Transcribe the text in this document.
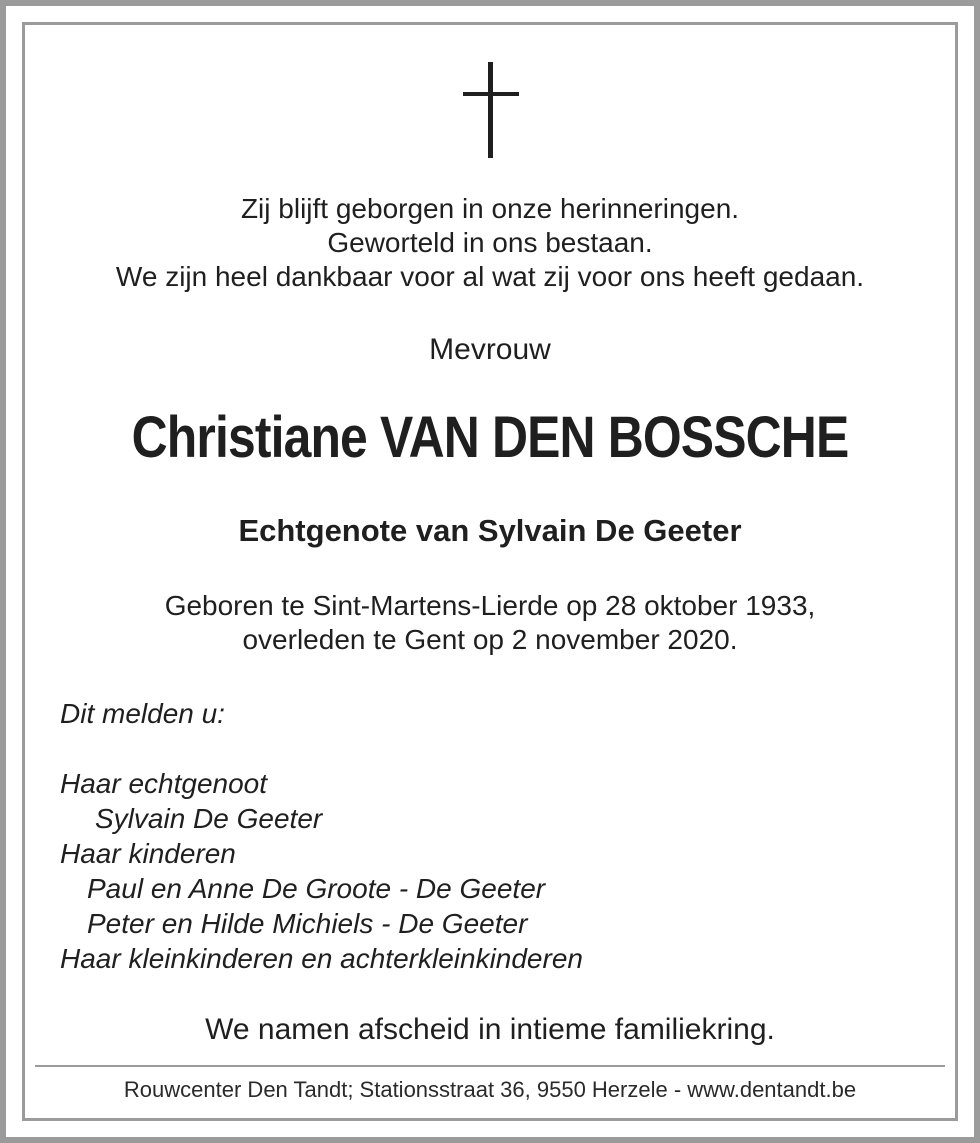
Zij blijft geborgen in onze herinneringen.
Geworteld in ons bestaan.
We zijn heel dankbaar voor al wat zij voor ons heeft gedaan.
Mevrouw
Christiane VAN DEN BOSSCHE
Echtgenote van Sylvain De Geeter
Geboren te Sint-Martens-Lierde op 28 oktober 1933,
overleden te Gent op 2 november 2020.
Dit melden u:
Haar echtgenoot
Sylvain De Geeter
Haar kinderen
Paul en Anne De Groote - De Geeter
Peter en Hilde Michiels - De Geeter
Haar kleinkinderen en achterkleinkinderen
We namen afscheid in intieme familiekring.
Rouwcenter Den Tandt; Stationsstraat 36, 9550 Herzele - www.dentandt.be
